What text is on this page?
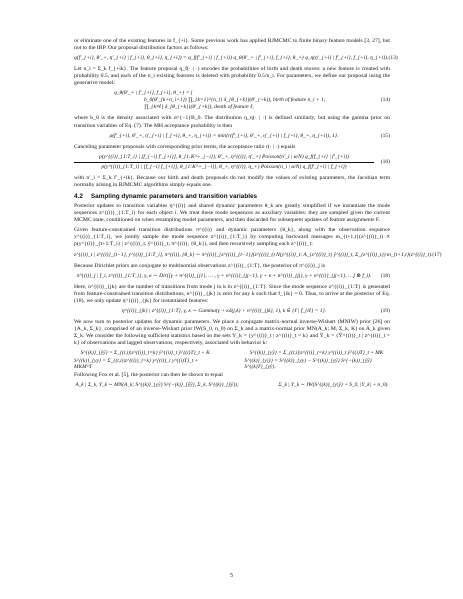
or eliminate one of the existing features in f_{+i}. Some previous work has applied RJMCMC to finite binary feature models [3, 27], but not to the IBP. Our proposal distribution factors as follows:

q(f′_{+i}, θ′_+, η′_{+i} | f_{+i}, θ_{+i}, η_{+i}) = q_f(f′_{+i} | f_{+i}) q_θ(θ′_+ | f′_{+i}, f_{+i}, θ_+) q_η(η′_{+i} | f′_{+i}, f_{+i}, η_{+i}). (13)

Let n_i = Σ_k f_{+ik}. The feature proposal q_f(· | ·) encodes the probabilities of birth and death moves: a new feature is created with probability 0.5, and each of the n_i existing features is deleted with probability 0.5/n_i. For parameters, we define our proposal using the generative model:

q_θ(θ′_+ | f′_{+i}, f_{+i}, θ_+) = {
b_0(θ′_{k+n_i+1}) ∏_{k=1}^{n_i} δ_{θ_{+k}}(θ′_{+k}), birth of feature n_i + 1;
∏_{k≠ℓ} δ_{θ_{+k}}(θ′_{+k}), death of feature ℓ,
(14)

where b_0 is the density associated with α^{−1}B_0. The distribution q_η(· | ·) is defined similarly, but using the gamma prior on transition variables of Eq. (7). The MH acceptance probability is then

ρ(f′_{+i}, θ′_+, η′_{+i} | f_{+i}, θ_+, η_{+i}) = min{r(f′_{+i}, θ′_+, η′_{+i} | f_{+i}, θ_+, η_{+i}), 1}.	(15)

Canceling parameter proposals with corresponding prior terms, the acceptance ratio r(· | ·) equals

p(y^{(i)}_{1:T_i} | [f_{−i} f′_{+i}], θ_{1:K^+_{−i}}, θ′_+, η^{(i)}, η′_+) Poisson(n′_i | α/N) q_f(f_{+i} | f′_{+i})
p(y^{(i)}_{1:T_i} | [f_{−i} f_{+i}], θ_{1:K^+_{−i}}, θ_+, η^{(i)}, η_+) Poisson(n_i | α/N) q_f(f′_{+i} | f_{+i})
(16)

with n′_i = Σ_k f′_{+ik}. Because our birth and death proposals do not modify the values of existing parameters, the Jacobian term normally arising in RJMCMC algorithms simply equals one.

4.2 Sampling dynamic parameters and transition variables

Posterior updates to transition variables η^{(i)} and shared dynamic parameters θ_k are greatly simplified if we instantiate the mode sequences z^{(i)}_{1:T_i} for each object i. We treat these mode sequences as auxiliary variables: they are sampled given the current MCMC state, conditioned on when resampling model parameters, and then discarded for subsequent updates of feature assignments F.

Given feature-constrained transition distributions π^{(i)} and dynamic parameters {θ_k}, along with the observation sequence y^{(i)}_{1:T_i}, we jointly sample the mode sequence z^{(i)}_{1:T_i} by computing backward messages m_{t+1,t}(z^{(i)}_t) ∝ p(y^{(i)}_{t+1:T_i} | z^{(i)}_t, ỹ^{(i)}_t, π^{(i)}, {θ_k}), and then recursively sampling each z^{(i)}_t:

z^{(i)}_t | z^{(i)}_{t−1}, y^{(i)}_{1:T_i}, π^{(i)}, {θ_k} ∼ π^{(i)}_{z^{(i)}_{t−1}}(z^{(i)}_t) N(y^{(i)}_t; A_{z^{(i)}_t} ỹ^{(i)}_t, Σ_{z^{(i)}_t}) m_{t+1,t}(z^{(i)}_t). (17)

Because Dirichlet priors are conjugate to multinomial observations z^{(i)}_{1:T}, the posterior of π^{(i)}_j is

π^{(i)}_j | f_i, z^{(i)}_{1:T_i}, γ, κ ∼ Dir([γ + n^{(i)}_{j1}, … , γ + n^{(i)}_{jj−1}, γ + κ + n^{(i)}_{jj}, γ + n^{(i)}_{jj+1}, …] ⊗ f_i).	(18)

Here, n^{(i)}_{jk} are the number of transitions from mode j to k in z^{(i)}_{1:T}. Since the mode sequence z^{(i)}_{1:T} is generated from feature-constrained transition distributions, n^{(i)}_{jk} is zero for any k such that f_{ik} = 0. Thus, to arrive at the posterior of Eq. (18), we only update η^{(i)}_{jk} for instantiated features:

η^{(i)}_{jk} | z^{(i)}_{1:T}, γ, κ ∼ Gamma(γ + κδ(j,k) + n^{(i)}_{jk}, 1), k ∈ {ℓ | f_{iℓ} = 1}.	(19)

We now turn to posterior updates for dynamic parameters. We place a conjugate matrix-normal inverse-Wishart (MNIW) prior [26] on {A_k, Σ_k}, comprised of an inverse-Wishart prior IW(S_0, n_0) on Σ_k and a matrix-normal prior MN(A_k; M, Σ_k, K) on A_k given Σ_k. We consider the following sufficient statistics based on the sets Y_k = {y^{(i)}_t | z^{(i)}_t = k} and Ỹ_k = {Ỹ^{(i)}_t | z^{(i)}_t = k} of observations and lagged observations, respectively, associated with behavior k:

S^{(k)}_{ỹỹ} = Σ_{(t,i)|z^{(i)}_t=k} ỹ^{(i)}_t ỹ^{(i)T}_t + K	S^{(k)}_{yỹ} = Σ_{(t,i)|z^{(i)}_t=k} y^{(i)}_t ỹ^{(i)T}_t + MK
S^{(k)}_{yy} = Σ_{(t,i)|z^{(i)}_t=k} y^{(i)}_t y^{(i)T}_t + MKM^T
S^{(k)}_{y|ỹ} = S^{(k)}_{yy} − S^{(k)}_{yỹ} S^{−(k)}_{ỹỹ} S^{(k)T}_{yỹ}.

Following Fox et al. [5], the posterior can then be shown to equal

A_k | Σ_k, Y_k ∼ MN(A_k; S^{(k)}_{yỹ} S^{−(k)}_{ỹỹ}, Σ_k, S^{(k)}_{ỹỹ}),	Σ_k | Y_k ∼ IW(S^{(k)}_{y|ỹ} + S_0, |Y_k| + n_0).
5
